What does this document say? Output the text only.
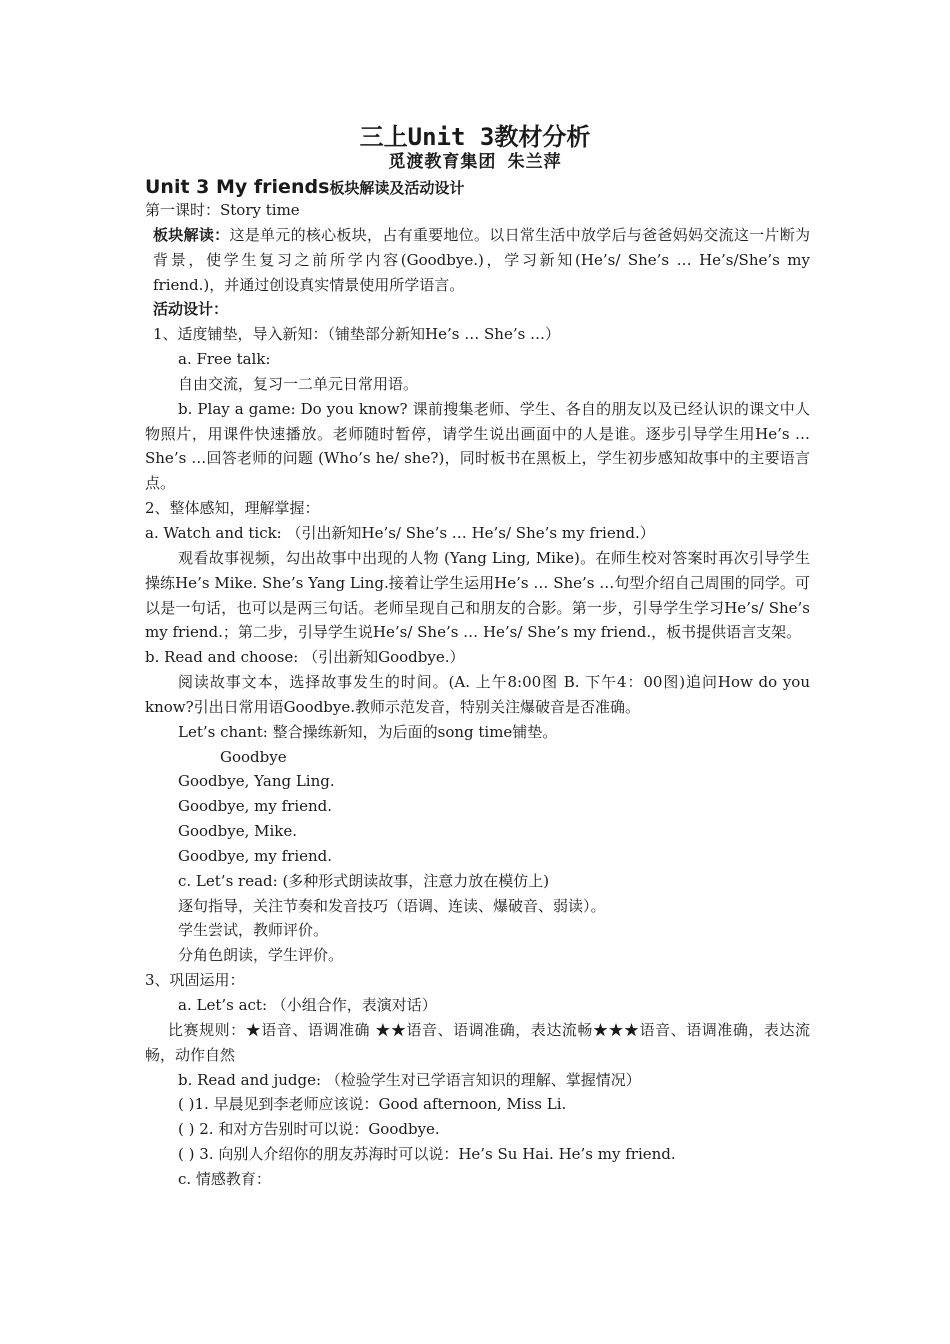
三上Unit 3教材分析
觅渡教育集团 朱兰萍
Unit 3 My friends板块解读及活动设计
第一课时：Story time
板块解读：这是单元的核心板块，占有重要地位。以日常生活中放学后与爸爸妈妈交流这一片断为背景，使学生复习之前所学内容(Goodbye.)，学习新知(He’s/ She’s … He’s/She’s my friend.)，并通过创设真实情景使用所学语言。
活动设计：
1、适度铺垫，导入新知：（铺垫部分新知He’s … She’s …）
a. Free talk:
自由交流，复习一二单元日常用语。
b. Play a game: Do you know? 课前搜集老师、学生、各自的朋友以及已经认识的课文中人物照片，用课件快速播放。老师随时暂停，请学生说出画面中的人是谁。逐步引导学生用He’s … She’s …回答老师的问题 (Who’s he/ she?)，同时板书在黑板上，学生初步感知故事中的主要语言点。
2、整体感知，理解掌握：
a. Watch and tick: （引出新知He’s/ She’s … He’s/ She’s my friend.）
观看故事视频，勾出故事中出现的人物 (Yang Ling, Mike)。在师生校对答案时再次引导学生操练He’s Mike. She’s Yang Ling.接着让学生运用He’s … She’s …句型介绍自己周围的同学。可以是一句话，也可以是两三句话。老师呈现自己和朋友的合影。第一步，引导学生学习He’s/ She’s my friend.；第二步，引导学生说He’s/ She’s … He’s/ She’s my friend.，板书提供语言支架。
b. Read and choose: （引出新知Goodbye.）
阅读故事文本，选择故事发生的时间。(A. 上午8:00图 B. 下午4：00图)追问How do you know?引出日常用语Goodbye.教师示范发音，特别关注爆破音是否准确。
Let’s chant: 整合操练新知，为后面的song time铺垫。
Goodbye
Goodbye, Yang Ling.
Goodbye, my friend.
Goodbye, Mike.
Goodbye, my friend.
c. Let’s read: (多种形式朗读故事，注意力放在模仿上)
逐句指导，关注节奏和发音技巧（语调、连读、爆破音、弱读）。
学生尝试，教师评价。
分角色朗读，学生评价。
3、巩固运用：
a. Let’s act: （小组合作，表演对话）
比赛规则：★语音、语调准确 ★★语音、语调准确，表达流畅★★★语音、语调准确，表达流畅，动作自然
b. Read and judge: （检验学生对已学语言知识的理解、掌握情况）
( )1. 早晨见到李老师应该说：Good afternoon, Miss Li.
( ) 2. 和对方告别时可以说：Goodbye.
( ) 3. 向别人介绍你的朋友苏海时可以说：He’s Su Hai. He’s my friend.
c. 情感教育：
